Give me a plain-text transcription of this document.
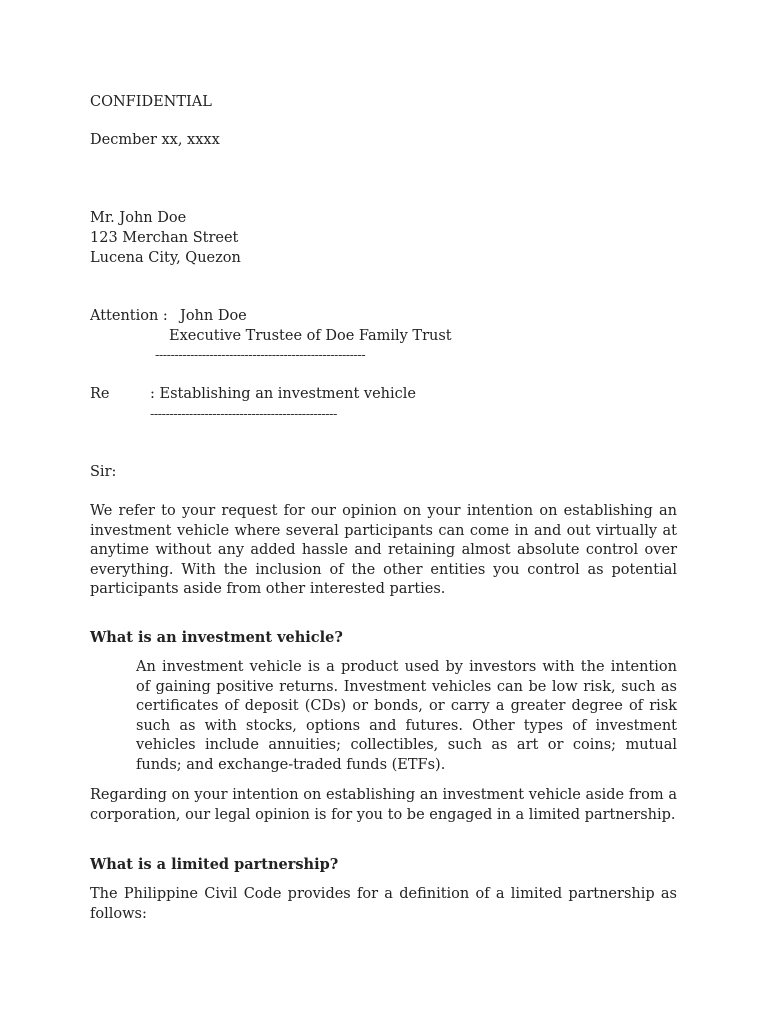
CONFIDENTIAL
Decmber xx, xxxx
Mr. John Doe
123 Merchan Street
Lucena City, Quezon
Attention : John Doe
Executive Trustee of Doe Family Trust
------------------------------------------------------
Re	: Establishing an investment vehicle
------------------------------------------------
Sir:

We refer to your request for our opinion on your intention on establishing an investment vehicle where several participants can come in and out virtually at anytime without any added hassle and retaining almost absolute control over everything. With the inclusion of the other entities you control as potential participants aside from other interested parties.

What is an investment vehicle?

An investment vehicle is a product used by investors with the intention of gaining positive returns. Investment vehicles can be low risk, such as certificates of deposit (CDs) or bonds, or carry a greater degree of risk such as with stocks, options and futures. Other types of investment vehicles include annuities; collectibles, such as art or coins; mutual funds; and exchange-traded funds (ETFs).

Regarding on your intention on establishing an investment vehicle aside from a corporation, our legal opinion is for you to be engaged in a limited partnership.

What is a limited partnership?

The Philippine Civil Code provides for a definition of a limited partnership as follows:
